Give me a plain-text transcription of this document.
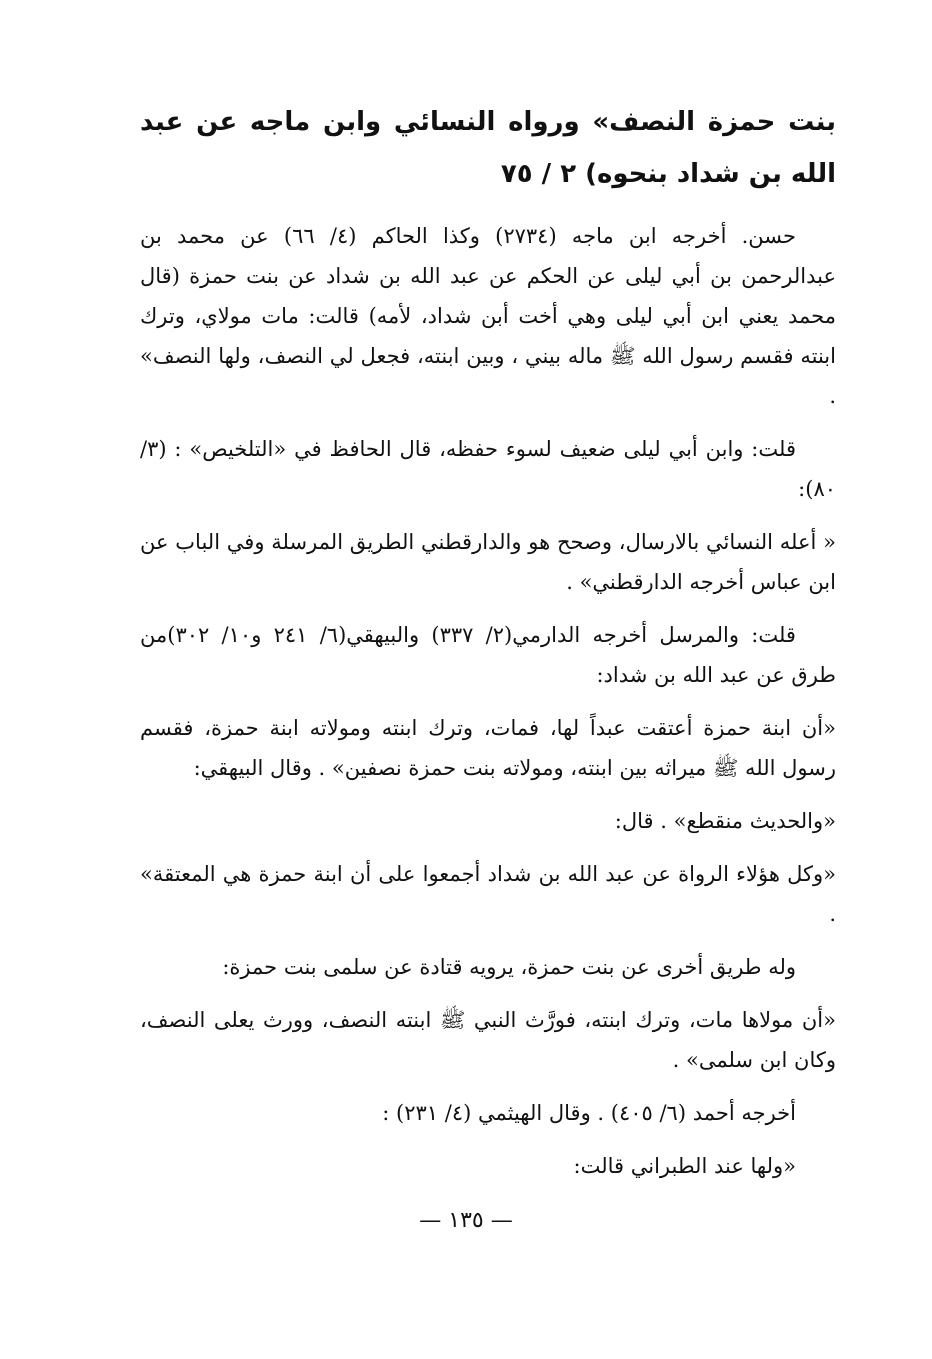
بنت حمزة النصف» ورواه النسائي وابن ماجه عن عبد الله بن شداد بنحوه) ٢ / ٧٥

حسن. أخرجه ابن ماجه (٢٧٣٤) وكذا الحاكم (٤/ ٦٦) عن محمد بن عبدالرحمن بن أبي ليلى عن الحكم عن عبد الله بن شداد عن بنت حمزة (قال محمد يعني ابن أبي ليلى وهي أخت أبن شداد، لأمه) قالت: مات مولاي، وترك ابنته فقسم رسول الله ﷺ ماله بيني ، وبين ابنته، فجعل لي النصف، ولها النصف» .

قلت: وابن أبي ليلى ضعيف لسوء حفظه، قال الحافظ في «التلخيص» : (٣/ ٨٠):

« أعله النسائي بالارسال، وصحح هو والدارقطني الطريق المرسلة وفي الباب عن ابن عباس أخرجه الدارقطني» .

قلت: والمرسل أخرجه الدارمي(٢/ ٣٣٧) والبيهقي(٦/ ٢٤١ و١٠/ ٣٠٢)من طرق عن عبد الله بن شداد:

«أن ابنة حمزة أعتقت عبداً لها، فمات، وترك ابنته ومولاته ابنة حمزة، فقسم رسول الله ﷺ ميراثه بين ابنته، ومولاته بنت حمزة نصفين» . وقال البيهقي:

«والحديث منقطع» . قال:

«وكل هؤلاء الرواة عن عبد الله بن شداد أجمعوا على أن ابنة حمزة هي المعتقة» .

وله طريق أخرى عن بنت حمزة، يرويه قتادة عن سلمى بنت حمزة:

«أن مولاها مات، وترك ابنته، فورَّث النبي ﷺ ابنته النصف، وورث يعلى النصف، وكان ابن سلمى» .

أخرجه أحمد (٦/ ٤٠٥) . وقال الهيثمي (٤/ ٢٣١) :

«ولها عند الطبراني قالت:

— ١٣٥ —
